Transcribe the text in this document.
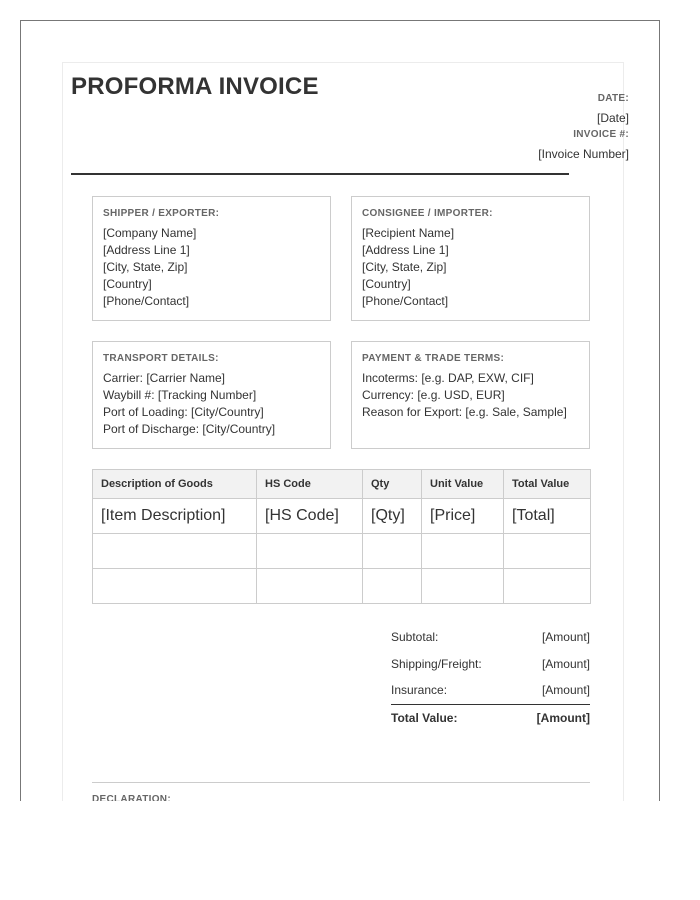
PROFORMA INVOICE	DATE:
[Date]
INVOICE #:
[Invoice Number]
SHIPPER / EXPORTER:
[Company Name]
[Address Line 1]
[City, State, Zip]
[Country]
[Phone/Contact]
CONSIGNEE / IMPORTER:
[Recipient Name]
[Address Line 1]
[City, State, Zip]
[Country]
[Phone/Contact]
TRANSPORT DETAILS:
Carrier: [Carrier Name]
Waybill #: [Tracking Number]
Port of Loading: [City/Country]
Port of Discharge: [City/Country]
PAYMENT & TRADE TERMS:
Incoterms: [e.g. DAP, EXW, CIF]
Currency: [e.g. USD, EUR]
Reason for Export: [e.g. Sale, Sample]
Description of Goods	HS Code	Qty	Unit Value	Total Value
[Item Description]	[HS Code]	[Qty]	[Price]	[Total]

Subtotal:	[Amount]
Shipping/Freight:	[Amount]
Insurance:	[Amount]
Total Value:	[Amount]
DECLARATION:
